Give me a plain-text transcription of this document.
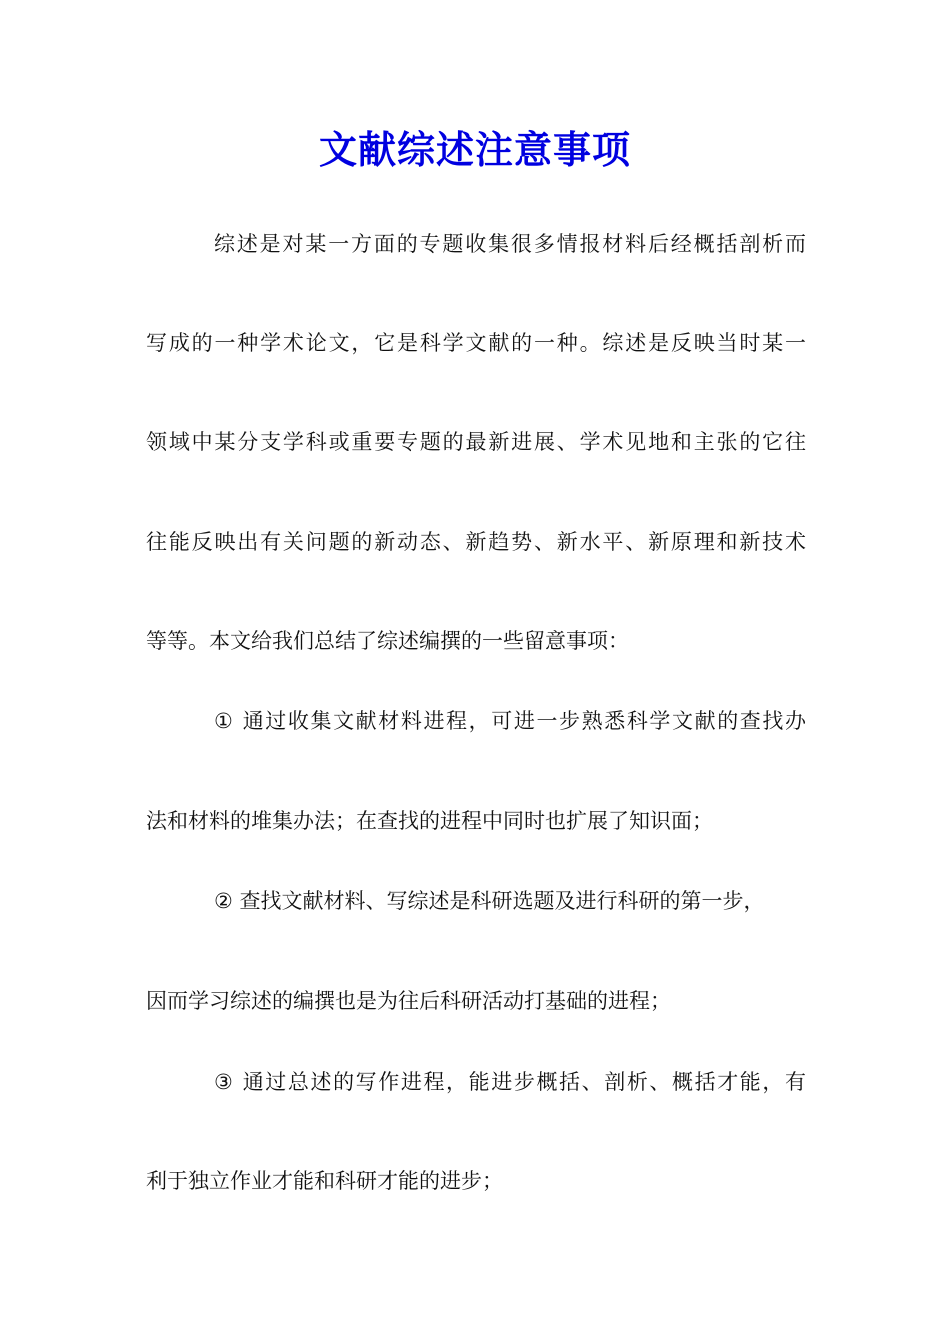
文献综述注意事项

综述是对某一方面的专题收集很多情报材料后经概括剖析而

写成的一种学术论文，它是科学文献的一种。综述是反映当时某一

领域中某分支学科或重要专题的最新进展、学术见地和主张的它往

往能反映出有关问题的新动态、新趋势、新水平、新原理和新技术

等等。本文给我们总结了综述编撰的一些留意事项：

① 通过收集文献材料进程，可进一步熟悉科学文献的查找办

法和材料的堆集办法；在查找的进程中同时也扩展了知识面；

② 查找文献材料、写综述是科研选题及进行科研的第一步，

因而学习综述的编撰也是为往后科研活动打基础的进程；

③ 通过总述的写作进程，能进步概括、剖析、概括才能，有

利于独立作业才能和科研才能的进步；
